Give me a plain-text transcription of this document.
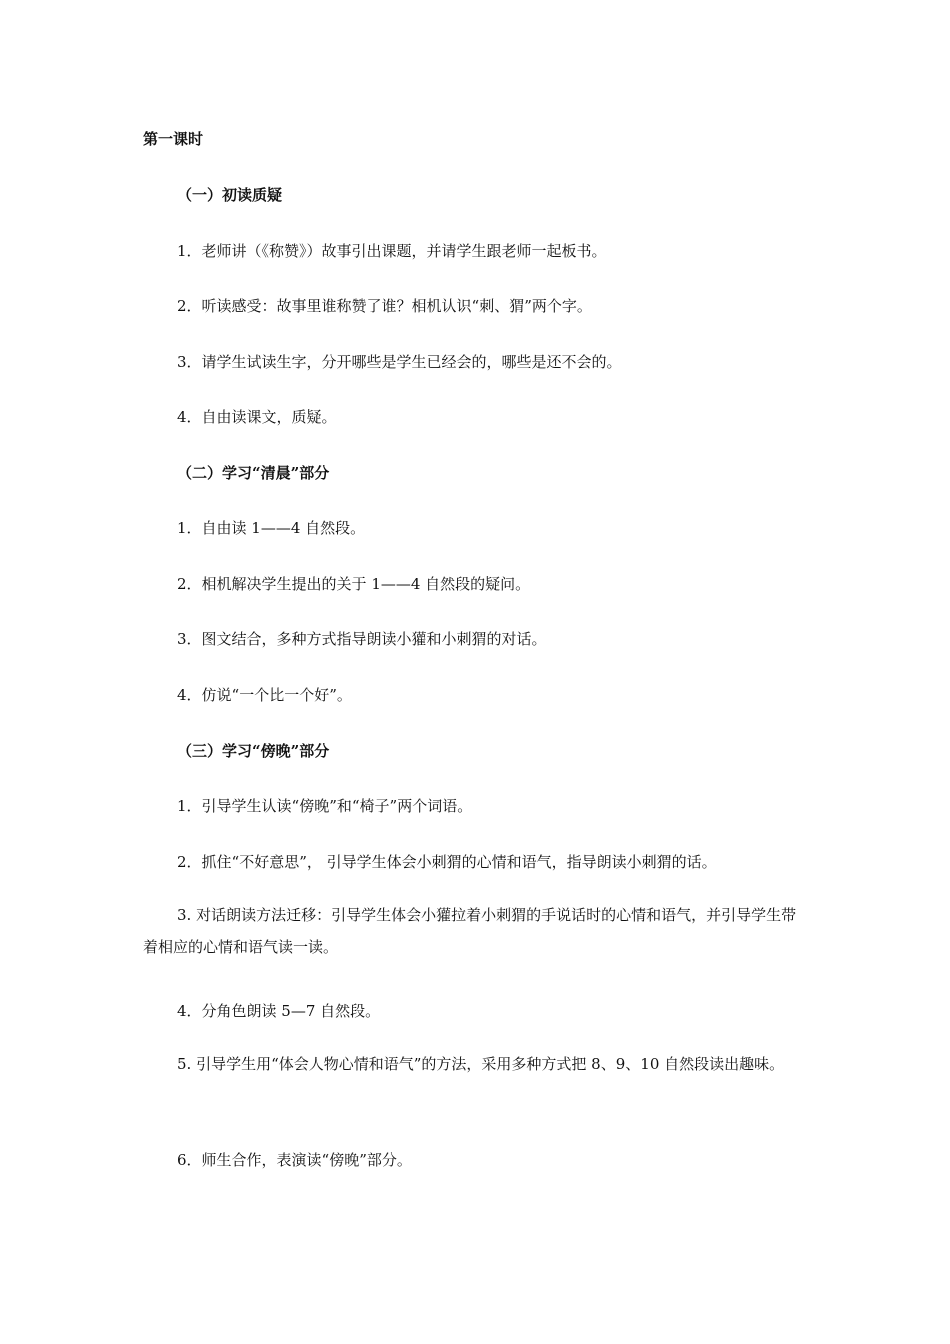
第一课时
（一）初读质疑
1．老师讲（《称赞》）故事引出课题，并请学生跟老师一起板书。
2．听读感受：故事里谁称赞了谁？相机认识“刺、猬”两个字。
3．请学生试读生字，分开哪些是学生已经会的，哪些是还不会的。
4．自由读课文，质疑。
（二）学习“清晨”部分
1．自由读 1——4 自然段。
2．相机解决学生提出的关于 1——4 自然段的疑问。
3．图文结合，多种方式指导朗读小獾和小刺猬的对话。
4．仿说“一个比一个好”。
（三）学习“傍晚”部分
1．引导学生认读“傍晚”和“椅子”两个词语。
2．抓住“不好意思”， 引导学生体会小刺猬的心情和语气，指导朗读小刺猬的话。
3. 对话朗读方法迁移：引导学生体会小獾拉着小刺猬的手说话时的心情和语气，并引导学生带着相应的心情和语气读一读。
4．分角色朗读 5—7 自然段。
5. 引导学生用“体会人物心情和语气”的方法，采用多种方式把 8、9、10 自然段读出趣味。
6．师生合作，表演读“傍晚”部分。
